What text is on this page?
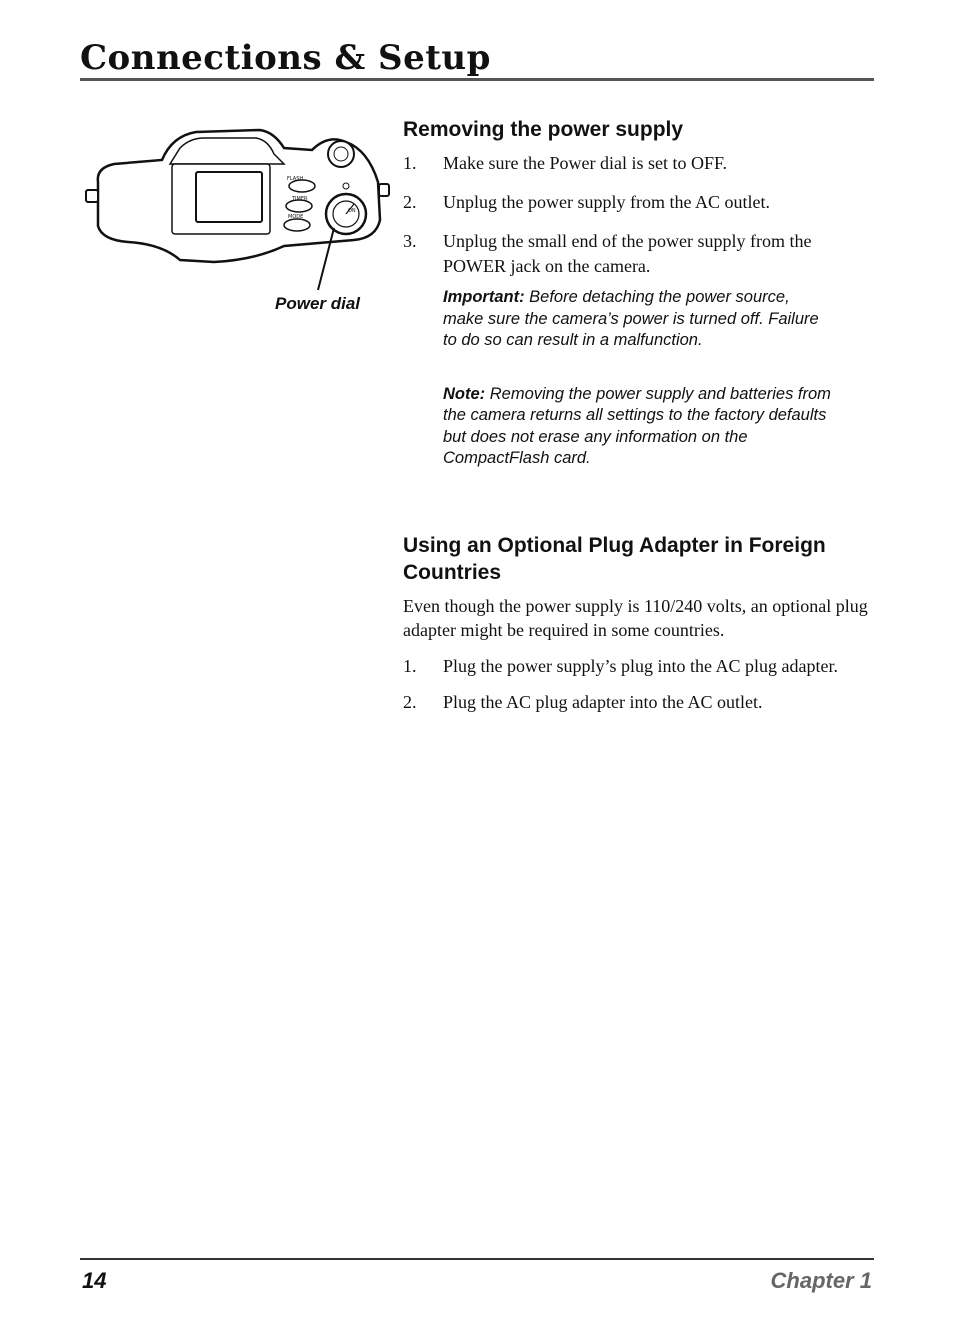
Connections & Setup
FLASH
TIMER
MODE
ON
Power dial
Removing the power supply
1.	Make sure the Power dial is set to OFF.
2.	Unplug the power supply from the AC outlet.
3.	Unplug the small end of the power supply from the POWER jack on the camera.
Important: Before detaching the power source, make sure the camera’s power is turned off. Failure to do so can result in a malfunction.
Note: Removing the power supply and batteries from the camera returns all settings to the factory defaults but does not erase any information on the CompactFlash card.
Using an Optional Plug Adapter in Foreign Countries

Even though the power supply is 110/240 volts, an optional plug adapter might be required in some countries.

1.	Plug the power supply’s plug into the AC plug adapter.
2.	Plug the AC plug adapter into the AC outlet.
14	Chapter 1
